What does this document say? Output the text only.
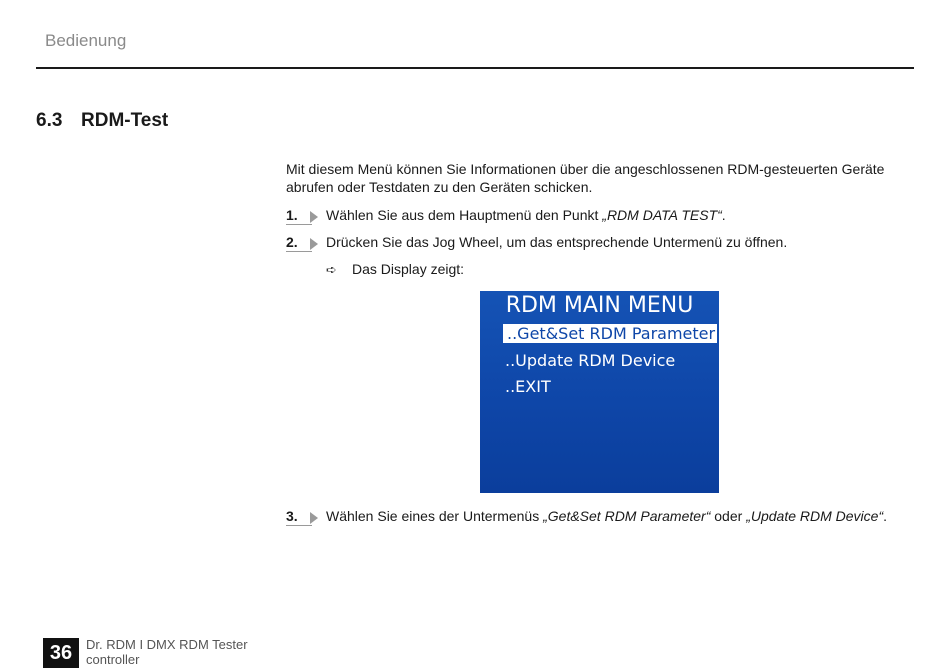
Bedienung
6.3 RDM-Test
Mit diesem Menü können Sie Informationen über die angeschlossenen RDM-gesteuerten Geräte abrufen oder Testdaten zu den Geräten schicken.
1. Wählen Sie aus dem Hauptmenü den Punkt „RDM DATA TEST“.
2. Drücken Sie das Jog Wheel, um das entsprechende Untermenü zu öffnen.
➪ Das Display zeigt:
RDM MAIN MENU
..Get&Set RDM Parameter
..Update RDM Device
..EXIT
3. Wählen Sie eines der Untermenüs „Get&Set RDM Parameter“ oder „Update RDM Device“.
36	Dr. RDM I DMX RDM Tester
controller
